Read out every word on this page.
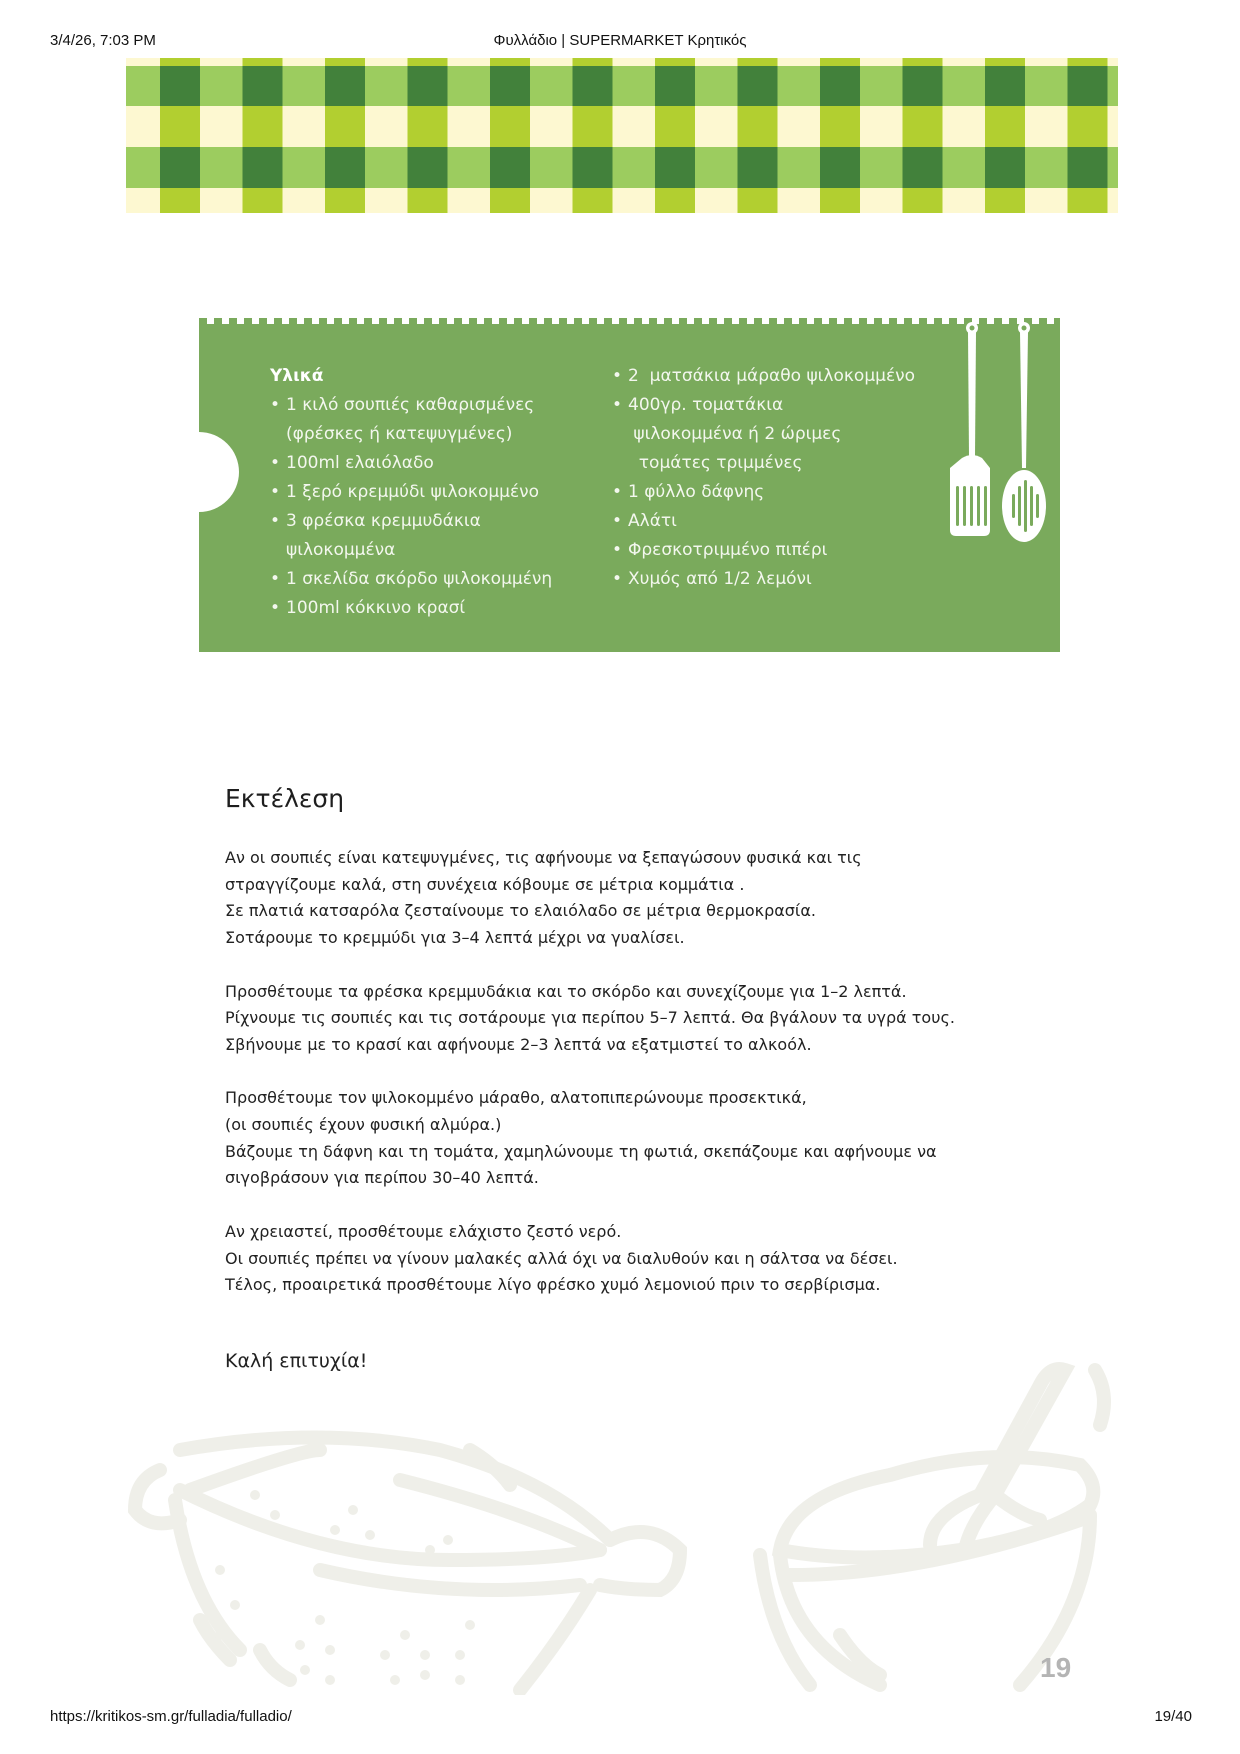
3/4/26, 7:03 PM	Φυλλάδιο | SUPERMARKET Κρητικός
Υλικά
• 1 κιλό σουπιές καθαρισμένες
(φρέσκες ή κατεψυγμένες)
• 100ml ελαιόλαδο
• 1 ξερό κρεμμύδι ψιλοκομμένο
• 3 φρέσκα κρεμμυδάκια
ψιλοκομμένα
• 1 σκελίδα σκόρδο ψιλοκομμένη
• 100ml κόκκινο κρασί
• 2  ματσάκια μάραθο ψιλοκομμένο
• 400γρ. τοματάκια
ψιλοκομμένα ή 2 ώριμες
τομάτες τριμμένες
• 1 φύλλο δάφνης
• Αλάτι
• Φρεσκοτριμμένο πιπέρι
• Χυμός από 1/2 λεμόνι
Εκτέλεση

Αν οι σουπιές είναι κατεψυγμένες, τις αφήνουμε να ξεπαγώσουν φυσικά και τις
στραγγίζουμε καλά, στη συνέχεια κόβουμε σε μέτρια κομμάτια .
Σε πλατιά κατσαρόλα ζεσταίνουμε το ελαιόλαδο σε μέτρια θερμοκρασία.
Σοτάρουμε το κρεμμύδι για 3–4 λεπτά μέχρι να γυαλίσει.

Προσθέτουμε τα φρέσκα κρεμμυδάκια και το σκόρδο και συνεχίζουμε για 1–2 λεπτά.
Ρίχνουμε τις σουπιές και τις σοτάρουμε για περίπου 5–7 λεπτά. Θα βγάλουν τα υγρά τους.
Σβήνουμε με το κρασί και αφήνουμε 2–3 λεπτά να εξατμιστεί το αλκοόλ.

Προσθέτουμε τον ψιλοκομμένο μάραθο, αλατοπιπερώνουμε προσεκτικά,
(οι σουπιές έχουν φυσική αλμύρα.)
Βάζουμε τη δάφνη και τη τομάτα, χαμηλώνουμε τη φωτιά, σκεπάζουμε και αφήνουμε να
σιγοβράσουν για περίπου 30–40 λεπτά.

Αν χρειαστεί, προσθέτουμε ελάχιστο ζεστό νερό.
Οι σουπιές πρέπει να γίνουν μαλακές αλλά όχι να διαλυθούν και η σάλτσα να δέσει.
Τέλος, προαιρετικά προσθέτουμε λίγο φρέσκο χυμό λεμονιού πριν το σερβίρισμα.

Καλή επιτυχία!
19
https://kritikos-sm.gr/fulladia/fulladio/	19/40
